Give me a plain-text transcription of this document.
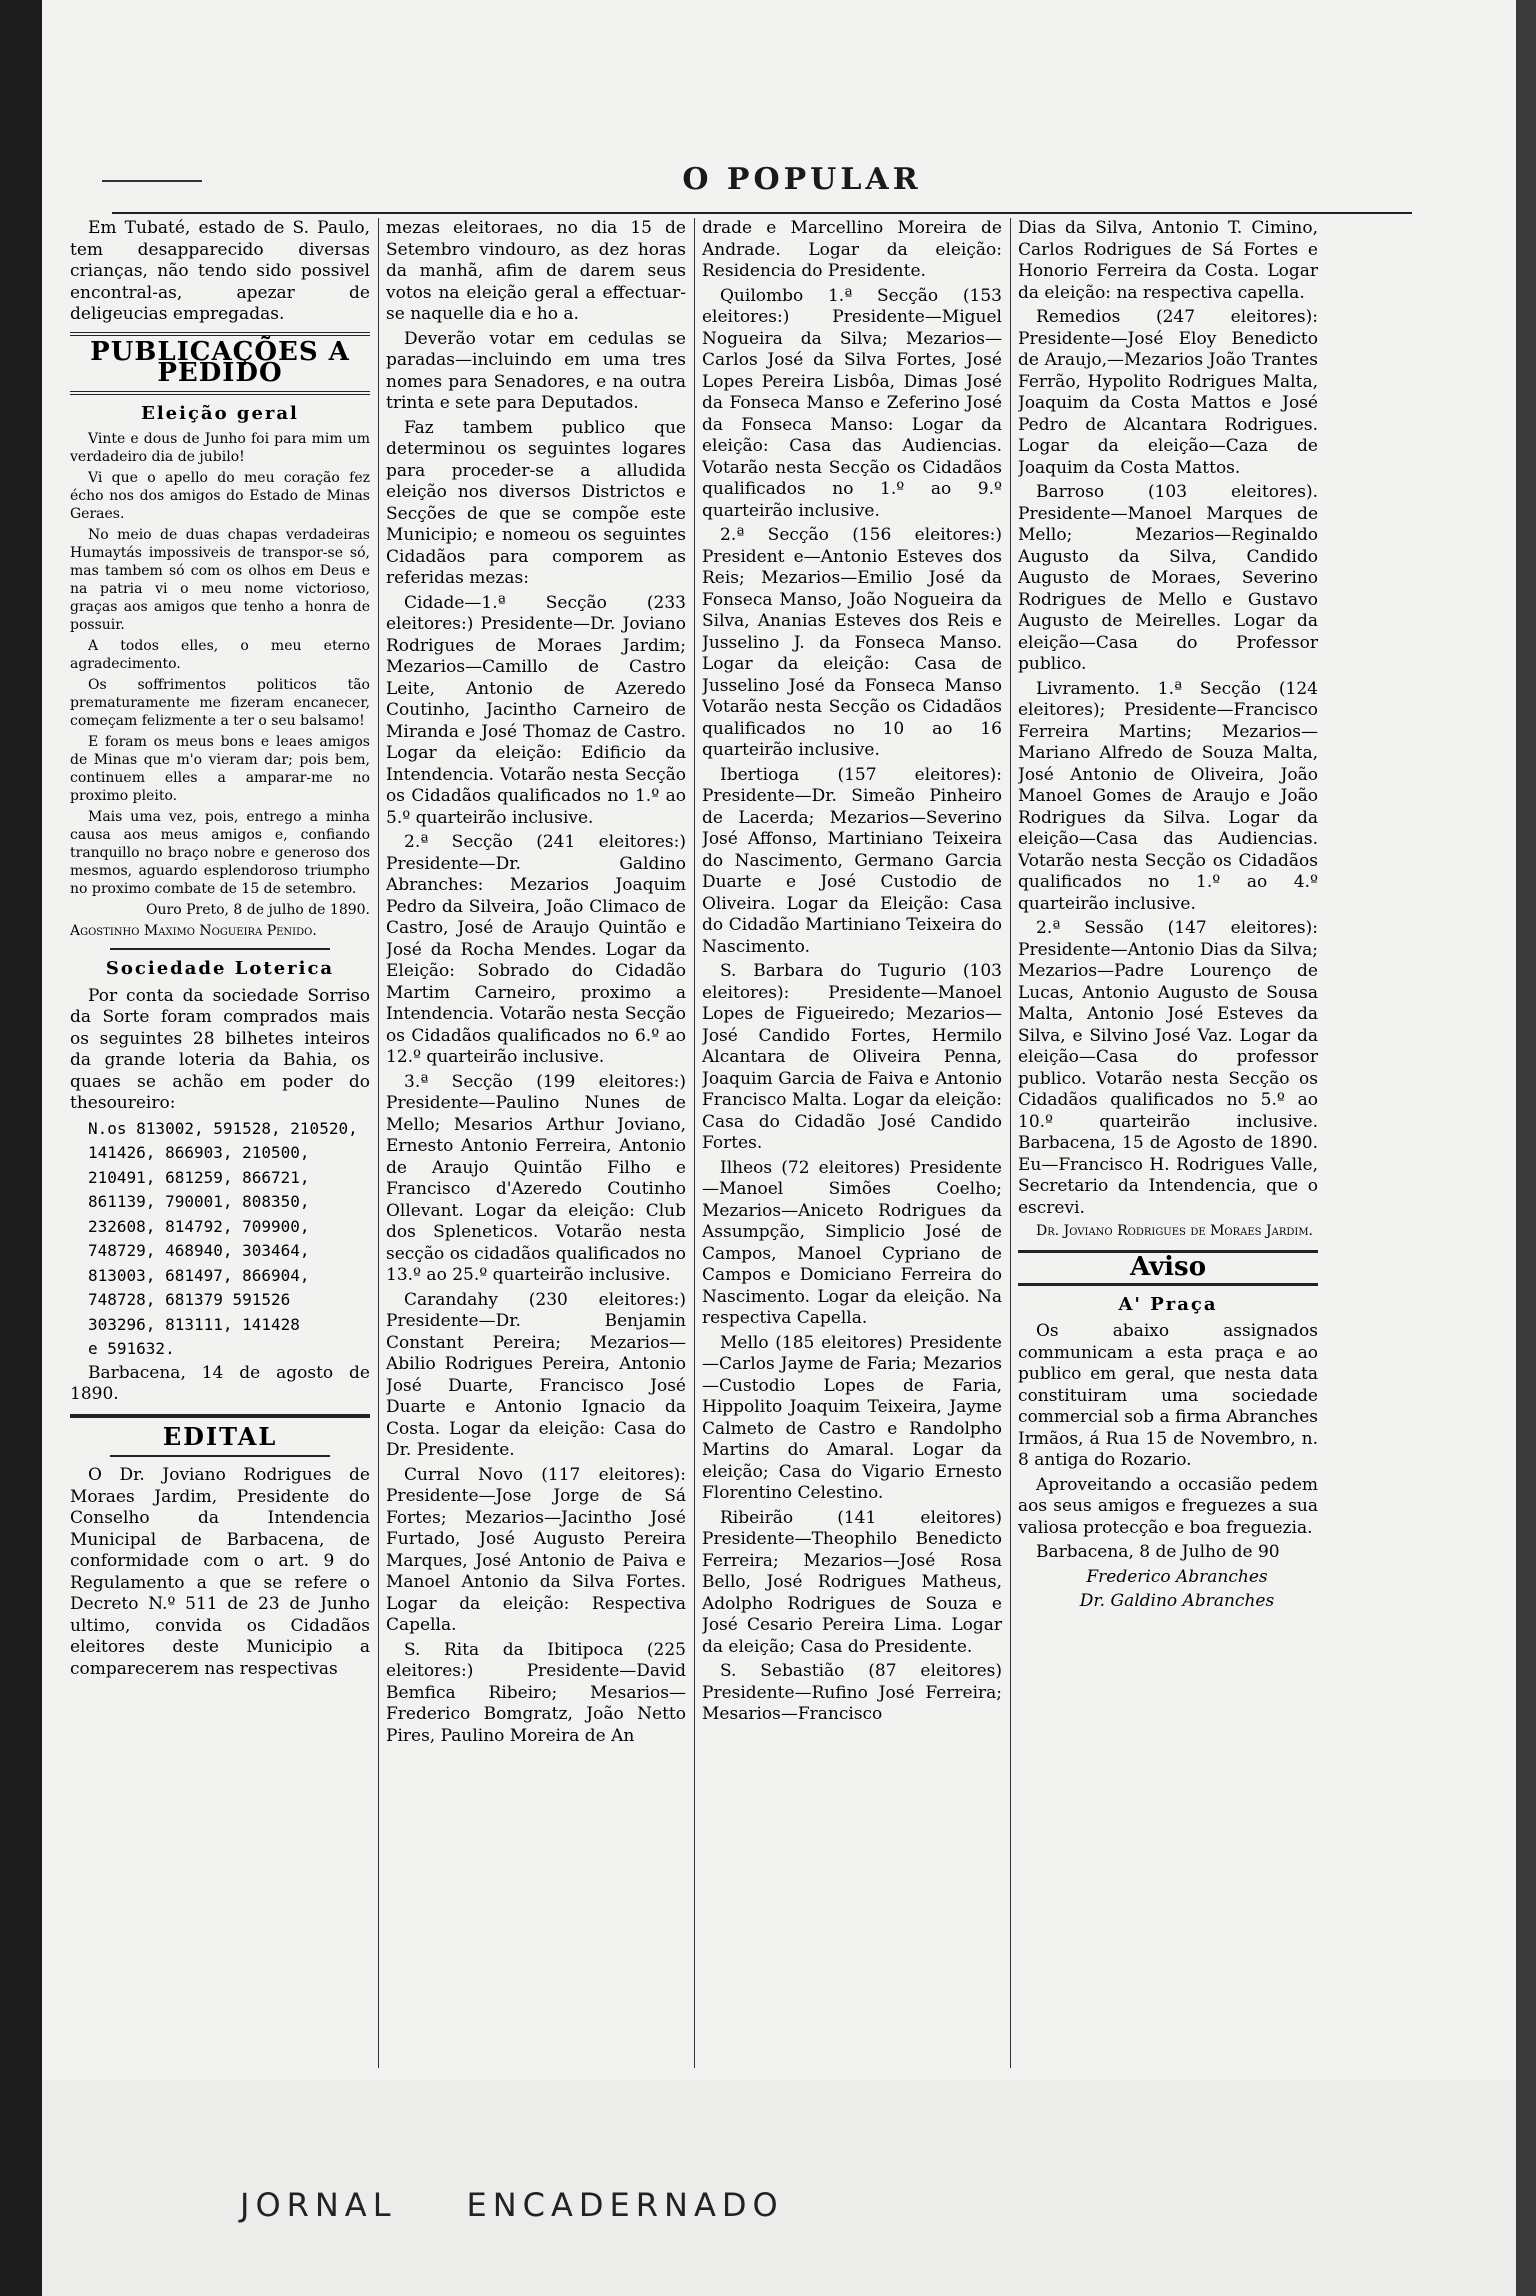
O POPULAR

Em Tubaté, estado de S. Paulo, tem desapparecido diversas crianças, não tendo sido possivel encontral-as, apezar de deligeucias empregadas.

PUBLICAÇÕES A PEDIDO
Eleição geral

Vinte e dous de Junho foi para mim um verdadeiro dia de jubilo!

Vi que o apello do meu coração fez écho nos dos amigos do Estado de Minas Geraes.

No meio de duas chapas verdadeiras Humaytás impossiveis de transpor-se só, mas tambem só com os olhos em Deus e na patria vi o meu nome victorioso, graças aos amigos que tenho a honra de possuir.

A todos elles, o meu eterno agradecimento.

Os soffrimentos politicos tão prematuramente me fizeram encanecer, começam felizmente a ter o seu balsamo!

E foram os meus bons e leaes amigos de Minas que m'o vieram dar; pois bem, continuem elles a amparar-me no proximo pleito.

Mais uma vez, pois, entrego a minha causa aos meus amigos e, confiando tranquillo no braço nobre e generoso dos mesmos, aguardo esplendoroso triumpho no proximo combate de 15 de setembro.

Ouro Preto, 8 de julho de 1890.

Agostinho Maximo Nogueira Penido.

Sociedade Loterica

Por conta da sociedade Sorriso da Sorte foram comprados mais os seguintes 28 bilhetes inteiros da grande loteria da Bahia, os quaes se achão em poder do thesoureiro:

N.os 813002, 591528, 210520,

141426, 866903, 210500,

210491, 681259, 866721,

861139, 790001, 808350,

232608, 814792, 709900,

748729, 468940, 303464,

813003, 681497, 866904,

748728, 681379 591526

303296, 813111, 141428

e 591632.

Barbacena, 14 de agosto de 1890.

EDITAL

O Dr. Joviano Rodrigues de Moraes Jardim, Presidente do Conselho da Intendencia Municipal de Barbacena, de conformidade com o art. 9 do Regulamento a que se refere o Decreto N.º 511 de 23 de Junho ultimo, convida os Cidadãos eleitores deste Municipio a comparecerem nas respectivas

mezas eleitoraes, no dia 15 de Setembro vindouro, as dez horas da manhã, afim de darem seus votos na eleição geral a effectuar-se naquelle dia e ho a.

Deverão votar em cedulas se paradas—incluindo em uma tres nomes para Senadores, e na outra trinta e sete para Deputados.

Faz tambem publico que determinou os seguintes logares para proceder-se a alludida eleição nos diversos Districtos e Secções de que se compõe este Municipio; e nomeou os seguintes Cidadãos para comporem as referidas mezas:

Cidade—1.ª Secção (233 eleitores:) Presidente—Dr. Joviano Rodrigues de Moraes Jardim; Mezarios—Camillo de Castro Leite, Antonio de Azeredo Coutinho, Jacintho Carneiro de Miranda e José Thomaz de Castro. Logar da eleição: Edificio da Intendencia. Votarão nesta Secção os Cidadãos qualificados no 1.º ao 5.º quarteirão inclusive.

2.ª Secção (241 eleitores:) Presidente—Dr. Galdino Abranches: Mezarios Joaquim Pedro da Silveira, João Climaco de Castro, José de Araujo Quintão e José da Rocha Mendes. Logar da Eleição: Sobrado do Cidadão Martim Carneiro, proximo a Intendencia. Votarão nesta Secção os Cidadãos qualificados no 6.º ao 12.º quarteirão inclusive.

3.ª Secção (199 eleitores:) Presidente—Paulino Nunes de Mello; Mesarios Arthur Joviano, Ernesto Antonio Ferreira, Antonio de Araujo Quintão Filho e Francisco d'Azeredo Coutinho Ollevant. Logar da eleição: Club dos Spleneticos. Votarão nesta secção os cidadãos qualificados no 13.º ao 25.º quarteirão inclusive.

Carandahy (230 eleitores:) Presidente—Dr. Benjamin Constant Pereira; Mezarios—Abilio Rodrigues Pereira, Antonio José Duarte, Francisco José Duarte e Antonio Ignacio da Costa. Logar da eleição: Casa do Dr. Presidente.

Curral Novo (117 eleitores): Presidente—Jose Jorge de Sá Fortes; Mezarios—Jacintho José Furtado, José Augusto Pereira Marques, José Antonio de Paiva e Manoel Antonio da Silva Fortes. Logar da eleição: Respectiva Capella.

S. Rita da Ibitipoca (225 eleitores:) Presidente—David Bemfica Ribeiro; Mesarios—Frederico Bomgratz, João Netto Pires, Paulino Moreira de An

drade e Marcellino Moreira de Andrade. Logar da eleição: Residencia do Presidente.

Quilombo 1.ª Secção (153 eleitores:) Presidente—Miguel Nogueira da Silva; Mezarios—Carlos José da Silva Fortes, José Lopes Pereira Lisbôa, Dimas José da Fonseca Manso e Zeferino José da Fonseca Manso: Logar da eleição: Casa das Audiencias. Votarão nesta Secção os Cidadãos qualificados no 1.º ao 9.º quarteirão inclusive.

2.ª Secção (156 eleitores:) President e—Antonio Esteves dos Reis; Mezarios—Emilio José da Fonseca Manso, João Nogueira da Silva, Ananias Esteves dos Reis e Jusselino J. da Fonseca Manso. Logar da eleição: Casa de Jusselino José da Fonseca Manso Votarão nesta Secção os Cidadãos qualificados no 10 ao 16 quarteirão inclusive.

Ibertioga (157 eleitores): Presidente—Dr. Simeão Pinheiro de Lacerda; Mezarios—Severino José Affonso, Martiniano Teixeira do Nascimento, Germano Garcia Duarte e José Custodio de Oliveira. Logar da Eleição: Casa do Cidadão Martiniano Teixeira do Nascimento.

S. Barbara do Tugurio (103 eleitores): Presidente—Manoel Lopes de Figueiredo; Mezarios—José Candido Fortes, Hermilo Alcantara de Oliveira Penna, Joaquim Garcia de Faiva e Antonio Francisco Malta. Logar da eleição: Casa do Cidadão José Candido Fortes.

Ilheos (72 eleitores) Presidente—Manoel Simões Coelho; Mezarios—Aniceto Rodrigues da Assumpção, Simplicio José de Campos, Manoel Cypriano de Campos e Domiciano Ferreira do Nascimento. Logar da eleição. Na respectiva Capella.

Mello (185 eleitores) Presidente—Carlos Jayme de Faria; Mezarios—Custodio Lopes de Faria, Hippolito Joaquim Teixeira, Jayme Calmeto de Castro e Randolpho Martins do Amaral. Logar da eleição; Casa do Vigario Ernesto Florentino Celestino.

Ribeirão (141 eleitores) Presidente—Theophilo Benedicto Ferreira; Mezarios—José Rosa Bello, José Rodrigues Matheus, Adolpho Rodrigues de Souza e José Cesario Pereira Lima. Logar da eleição; Casa do Presidente.

S. Sebastião (87 eleitores) Presidente—Rufino José Ferreira; Mesarios—Francisco

Dias da Silva, Antonio T. Cimino, Carlos Rodrigues de Sá Fortes e Honorio Ferreira da Costa. Logar da eleição: na respectiva capella.

Remedios (247 eleitores): Presidente—José Eloy Benedicto de Araujo,—Mezarios João Trantes Ferrão, Hypolito Rodrigues Malta, Joaquim da Costa Mattos e José Pedro de Alcantara Rodrigues. Logar da eleição—Caza de Joaquim da Costa Mattos.

Barroso (103 eleitores). Presidente—Manoel Marques de Mello; Mezarios—Reginaldo Augusto da Silva, Candido Augusto de Moraes, Severino Rodrigues de Mello e Gustavo Augusto de Meirelles. Logar da eleição—Casa do Professor publico.

Livramento. 1.ª Secção (124 eleitores); Presidente—Francisco Ferreira Martins; Mezarios—Mariano Alfredo de Souza Malta, José Antonio de Oliveira, João Manoel Gomes de Araujo e João Rodrigues da Silva. Logar da eleição—Casa das Audiencias. Votarão nesta Secção os Cidadãos qualificados no 1.º ao 4.º quarteirão inclusive.

2.ª Sessão (147 eleitores): Presidente—Antonio Dias da Silva; Mezarios—Padre Lourenço de Lucas, Antonio Augusto de Sousa Malta, Antonio José Esteves da Silva, e Silvino José Vaz. Logar da eleição—Casa do professor publico. Votarão nesta Secção os Cidadãos qualificados no 5.º ao 10.º quarteirão inclusive. Barbacena, 15 de Agosto de 1890. Eu—Francisco H. Rodrigues Valle, Secretario da Intendencia, que o escrevi.

Dr. Joviano Rodrigues de Moraes Jardim.

Aviso
A' Praça

Os abaixo assignados communicam a esta praça e ao publico em geral, que nesta data constituiram uma sociedade commercial sob a firma Abranches Irmãos, á Rua 15 de Novembro, n. 8 antiga do Rozario.

Aproveitando a occasião pedem aos seus amigos e freguezes a sua valiosa protecção e boa freguezia.

Barbacena, 8 de Julho de 90

Frederico Abranches

Dr. Galdino Abranches

JORNAL ENCADERNADO
